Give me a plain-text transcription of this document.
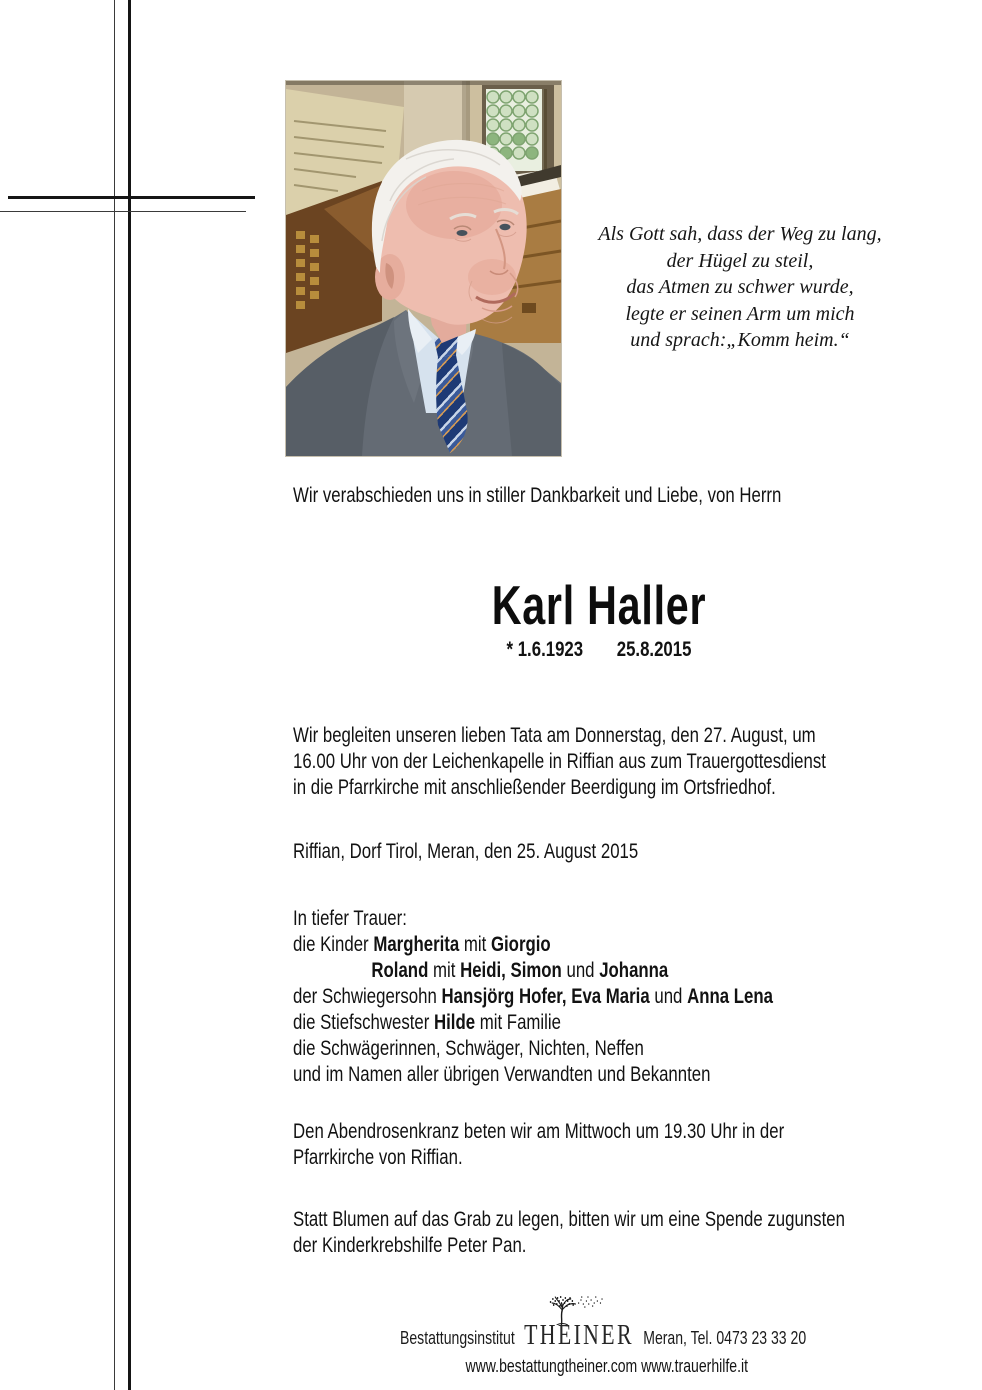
Als Gott sah, dass der Weg zu lang,
der Hügel zu steil,
das Atmen zu schwer wurde,
legte er seinen Arm um mich
und sprach:„Komm heim.“
Wir verabschieden uns in stiller Dankbarkeit und Liebe, von Herrn
Karl Haller
* 1.6.1923 25.8.2015
Wir begleiten unseren lieben Tata am Donnerstag, den 27. August, um
16.00 Uhr von der Leichenkapelle in Riffian aus zum Trauergottesdienst
in die Pfarrkirche mit anschließender Beerdigung im Ortsfriedhof.
Riffian, Dorf Tirol, Meran, den 25. August 2015
In tiefer Trauer:
die Kinder Margherita mit Giorgio
Roland mit Heidi, Simon und Johanna
der Schwiegersohn Hansjörg Hofer, Eva Maria und Anna Lena
die Stiefschwester Hilde mit Familie
die Schwägerinnen, Schwäger, Nichten, Neffen
und im Namen aller übrigen Verwandten und Bekannten
Den Abendrosenkranz beten wir am Mittwoch um 19.30 Uhr in der
Pfarrkirche von Riffian.
Statt Blumen auf das Grab zu legen, bitten wir um eine Spende zugunsten
der Kinderkrebshilfe Peter Pan.
Bestattungsinstitut THEINER Meran, Tel. 0473 23 33 20
www.bestattungtheiner.com www.trauerhilfe.it
